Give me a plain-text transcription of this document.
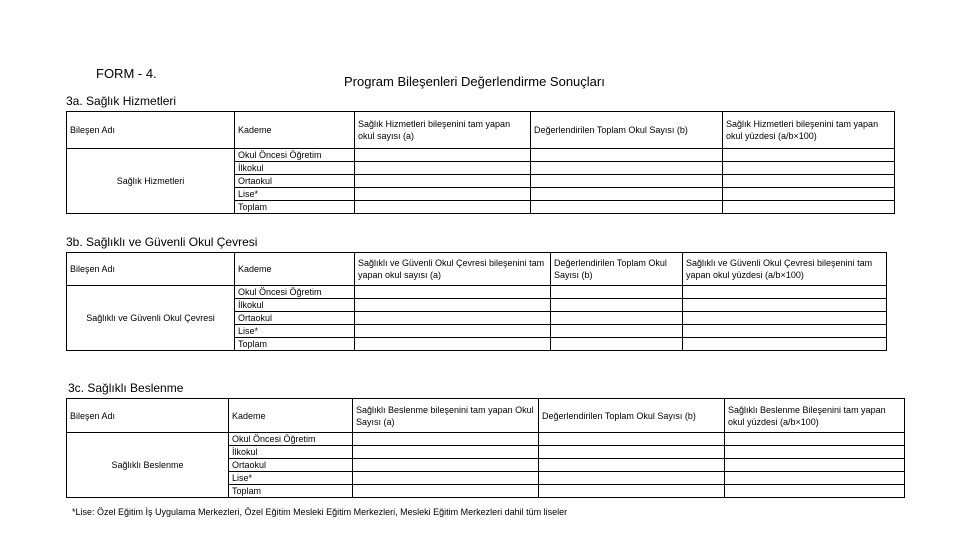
FORM - 4.
Program Bileşenleri Değerlendirme Sonuçları
3a. Sağlık Hizmetleri
Bileşen Adı	Kademe	Sağlık Hizmetleri bileşenini tam yapan okul sayısı (a)	Değerlendirilen Toplam Okul Sayısı (b)	Sağlık Hizmetleri bileşenini tam yapan okul yüzdesi (a/b×100)
Sağlık Hizmetleri	Okul Öncesi Öğretim			
	İlkokul			
	Ortaokul			
	Lise*			
	Toplam			
3b. Sağlıklı ve Güvenli Okul Çevresi
Bileşen Adı	Kademe	Sağlıklı ve Güvenli Okul Çevresi bileşenini tam yapan okul sayısı (a)	Değerlendirilen Toplam Okul Sayısı (b)	Sağlıklı ve Güvenli Okul Çevresi bileşenini tam yapan okul yüzdesi (a/b×100)
Sağlıklı ve Güvenli Okul Çevresi	Okul Öncesi Öğretim			
	İlkokul			
	Ortaokul			
	Lise*			
	Toplam			
3c. Sağlıklı Beslenme
Bileşen Adı	Kademe	Sağlıklı Beslenme bileşenini tam yapan Okul Sayısı (a)	Değerlendirilen Toplam Okul Sayısı (b)	Sağlıklı Beslenme Bileşenini tam yapan okul yüzdesi (a/b×100)
Sağlıklı Beslenme	Okul Öncesi Öğretim			
	İlkokul			
	Ortaokul			
	Lise*			
	Toplam			
*Lise: Özel Eğitim İş Uygulama Merkezleri, Özel Eğitim Mesleki Eğitim Merkezleri, Mesleki Eğitim Merkezleri dahil tüm liseler
